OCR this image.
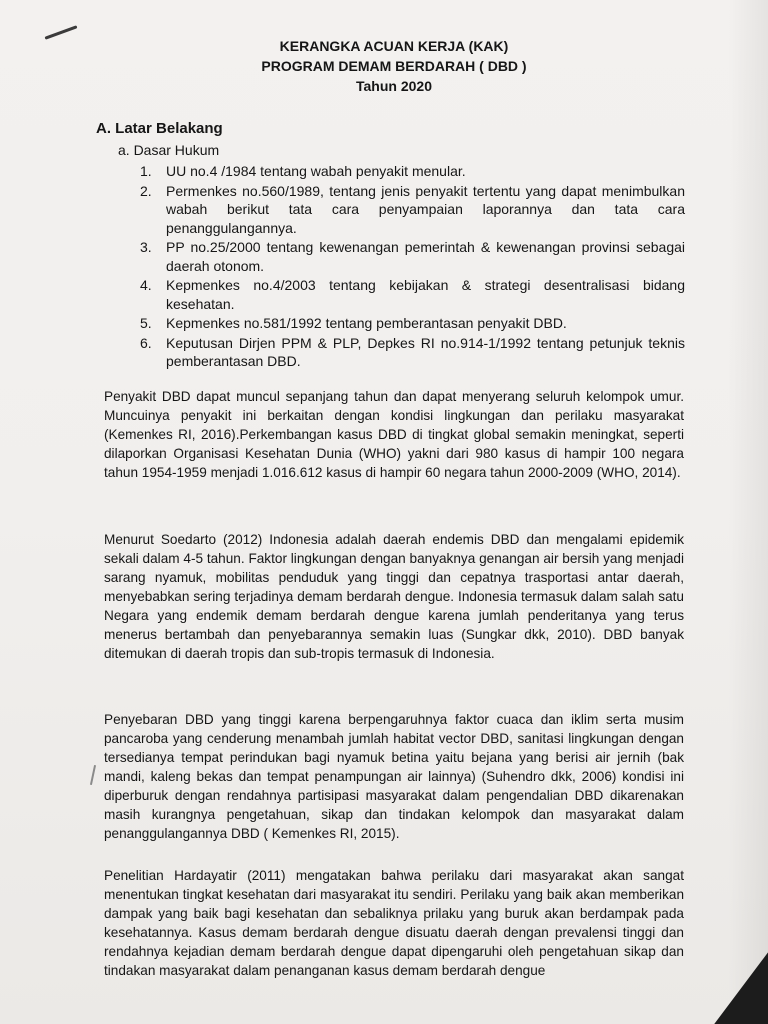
KERANGKA ACUAN KERJA (KAK)
PROGRAM DEMAM BERDARAH ( DBD )
Tahun 2020
A. Latar Belakang
a. Dasar Hukum
1. UU no.4 /1984 tentang wabah penyakit menular.
2. Permenkes no.560/1989, tentang jenis penyakit tertentu yang dapat menimbulkan wabah berikut tata cara penyampaian laporannya dan tata cara penanggulangannya.
3. PP no.25/2000 tentang kewenangan pemerintah & kewenangan provinsi sebagai daerah otonom.
4. Kepmenkes no.4/2003 tentang kebijakan & strategi desentralisasi bidang kesehatan.
5. Kepmenkes no.581/1992 tentang pemberantasan penyakit DBD.
6. Keputusan Dirjen PPM & PLP, Depkes RI no.914-1/1992 tentang petunjuk teknis pemberantasan DBD.

Penyakit DBD dapat muncul sepanjang tahun dan dapat menyerang seluruh kelompok umur. Muncuinya penyakit ini berkaitan dengan kondisi lingkungan dan perilaku masyarakat (Kemenkes RI, 2016).Perkembangan kasus DBD di tingkat global semakin meningkat, seperti dilaporkan Organisasi Kesehatan Dunia (WHO) yakni dari 980 kasus di hampir 100 negara tahun 1954-1959 menjadi 1.016.612 kasus di hampir 60 negara tahun 2000-2009 (WHO, 2014).

Menurut Soedarto (2012) Indonesia adalah daerah endemis DBD dan mengalami epidemik sekali dalam 4-5 tahun. Faktor lingkungan dengan banyaknya genangan air bersih yang menjadi sarang nyamuk, mobilitas penduduk yang tinggi dan cepatnya trasportasi antar daerah, menyebabkan sering terjadinya demam berdarah dengue. Indonesia termasuk dalam salah satu Negara yang endemik demam berdarah dengue karena jumlah penderitanya yang terus menerus bertambah dan penyebarannya semakin luas (Sungkar dkk, 2010). DBD banyak ditemukan di daerah tropis dan sub-tropis termasuk di Indonesia.

Penyebaran DBD yang tinggi karena berpengaruhnya faktor cuaca dan iklim serta musim pancaroba yang cenderung menambah jumlah habitat vector DBD, sanitasi lingkungan dengan tersedianya tempat perindukan bagi nyamuk betina yaitu bejana yang berisi air jernih (bak mandi, kaleng bekas dan tempat penampungan air lainnya) (Suhendro dkk, 2006) kondisi ini diperburuk dengan rendahnya partisipasi masyarakat dalam pengendalian DBD dikarenakan masih kurangnya pengetahuan, sikap dan tindakan kelompok dan masyarakat dalam penanggulangannya DBD ( Kemenkes RI, 2015).

Penelitian Hardayatir (2011) mengatakan bahwa perilaku dari masyarakat akan sangat menentukan tingkat kesehatan dari masyarakat itu sendiri. Perilaku yang baik akan memberikan dampak yang baik bagi kesehatan dan sebaliknya prilaku yang buruk akan berdampak pada kesehatannya. Kasus demam berdarah dengue disuatu daerah dengan prevalensi tinggi dan rendahnya kejadian demam berdarah dengue dapat dipengaruhi oleh pengetahuan sikap dan tindakan masyarakat dalam penanganan kasus demam berdarah dengue
